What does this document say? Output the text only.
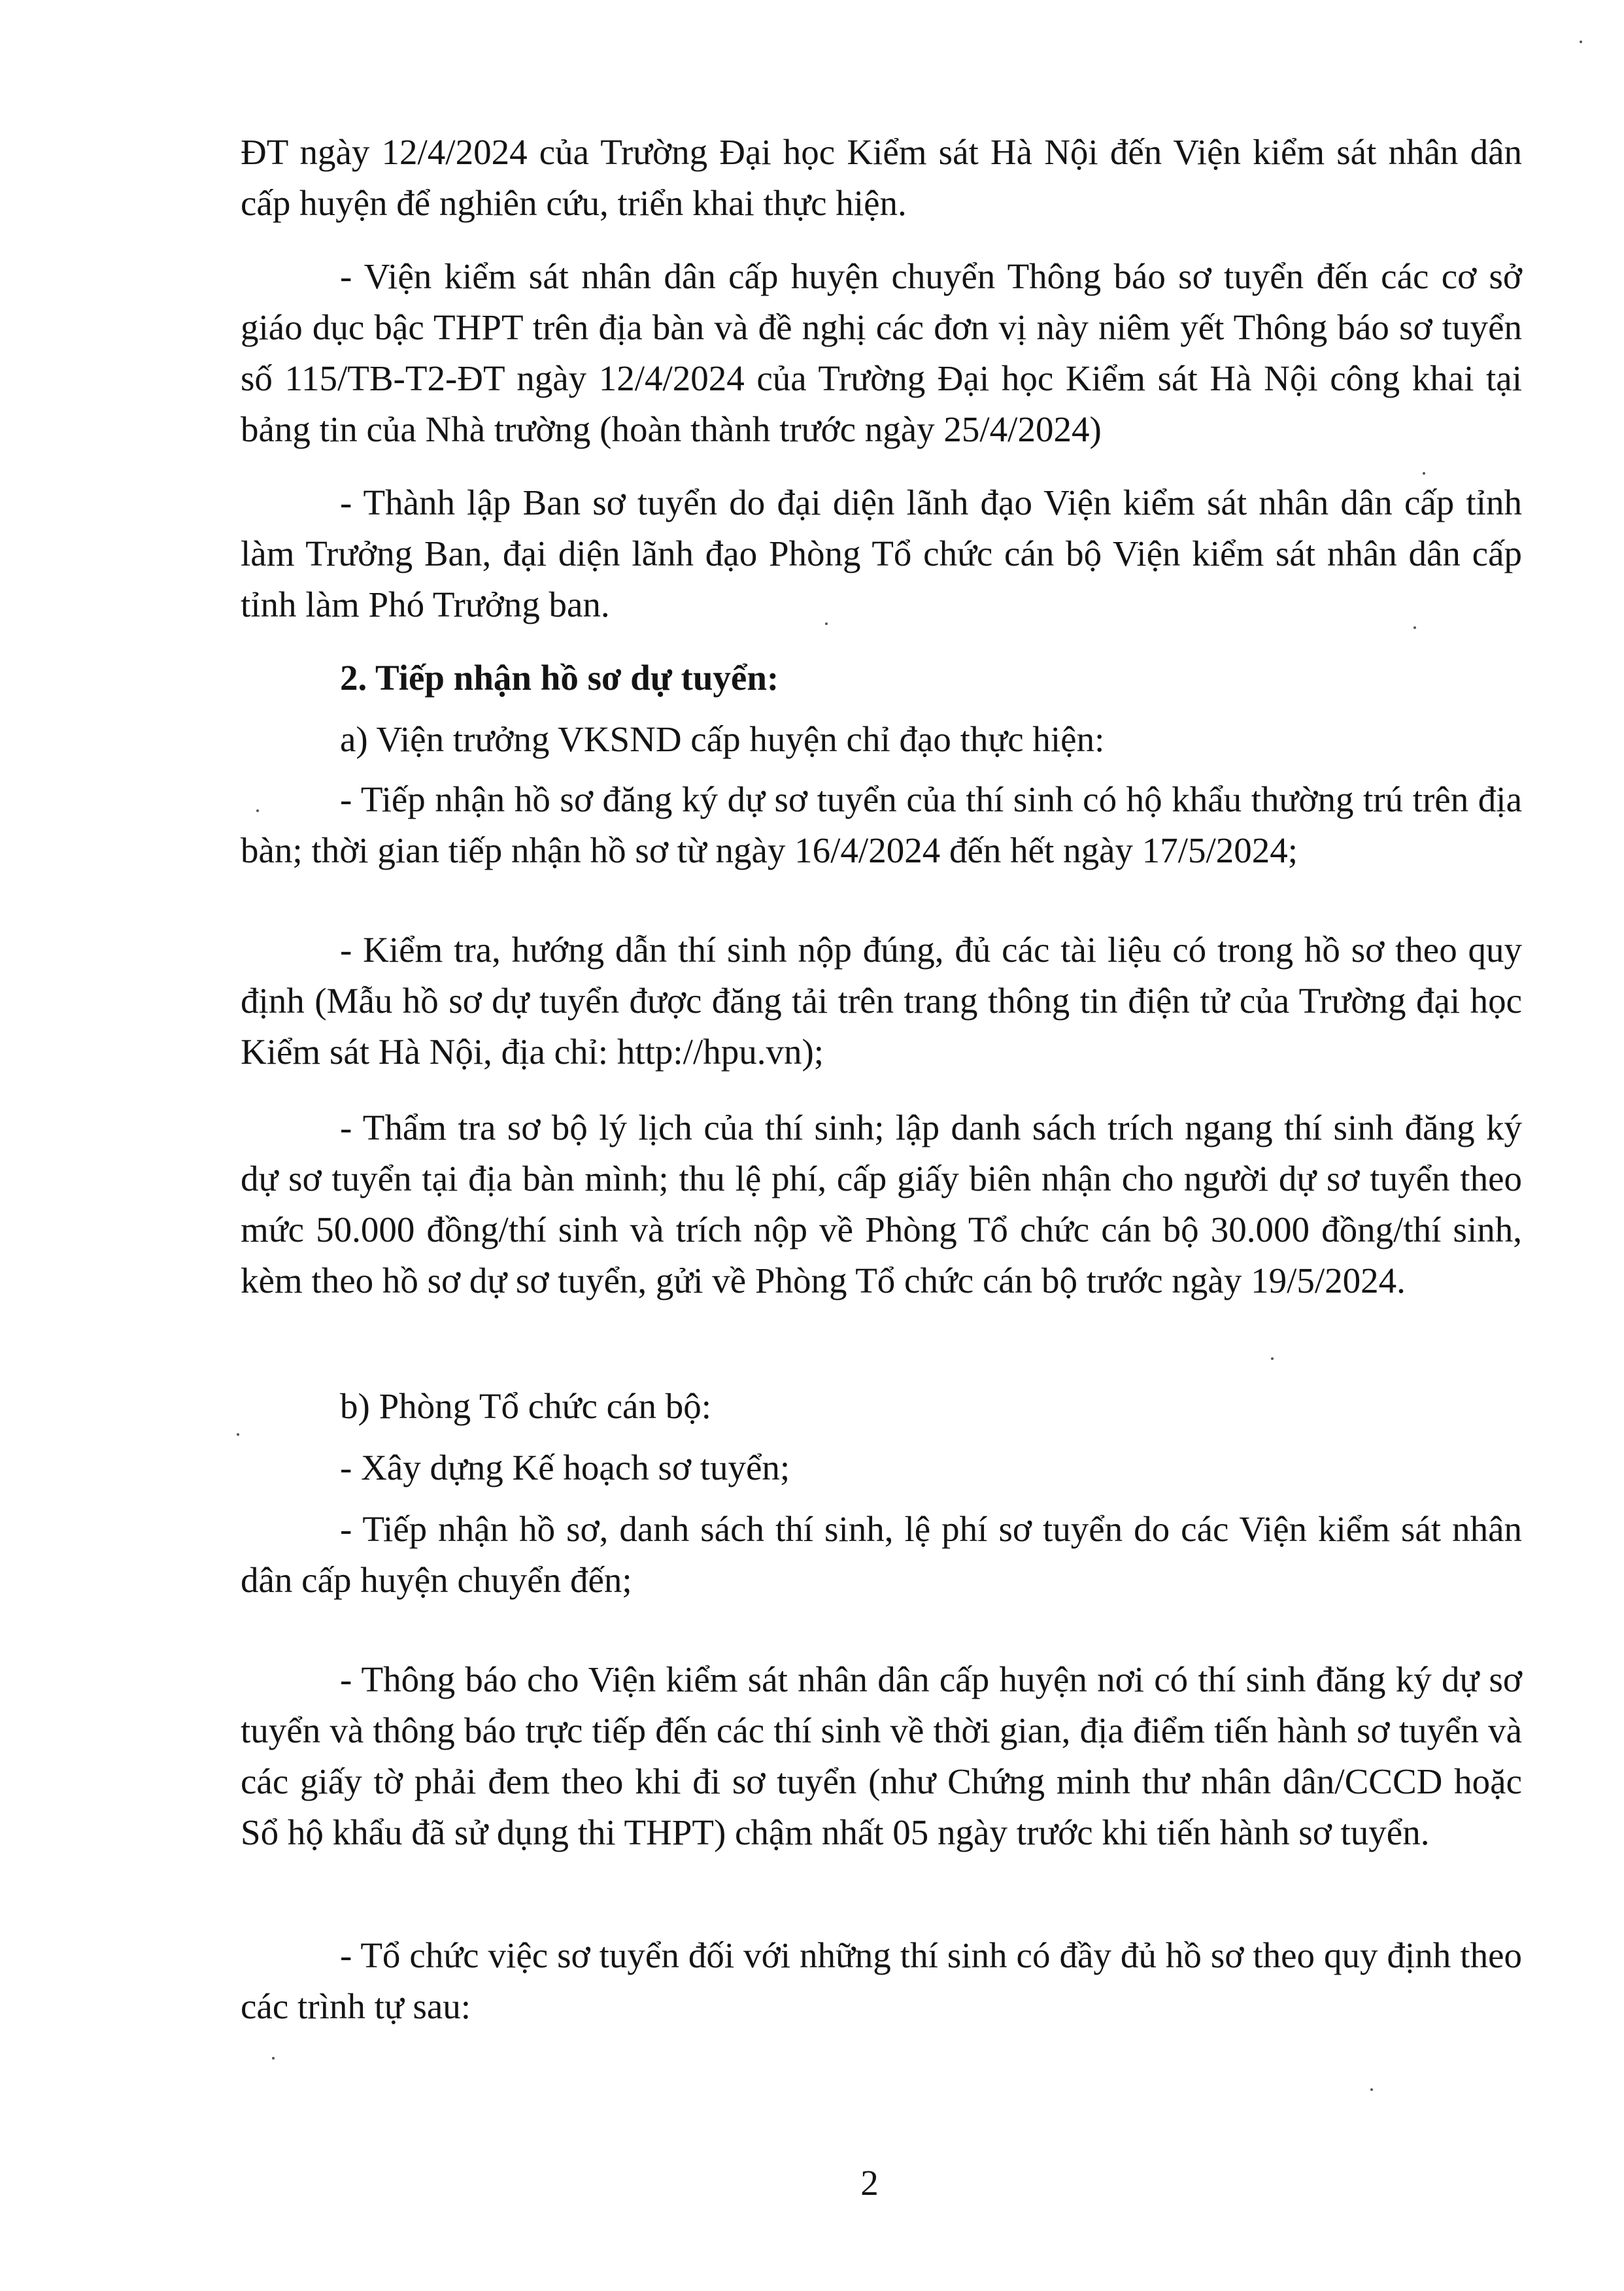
ĐT ngày 12/4/2024 của Trường Đại học Kiểm sát Hà Nội đến Viện kiểm sát nhân dân cấp huyện để nghiên cứu, triển khai thực hiện.

- Viện kiểm sát nhân dân cấp huyện chuyển Thông báo sơ tuyển đến các cơ sở giáo dục bậc THPT trên địa bàn và đề nghị các đơn vị này niêm yết Thông báo sơ tuyển số 115/TB-T2-ĐT ngày 12/4/2024 của Trường Đại học Kiểm sát Hà Nội công khai tại bảng tin của Nhà trường (hoàn thành trước ngày 25/4/2024)

- Thành lập Ban sơ tuyển do đại diện lãnh đạo Viện kiểm sát nhân dân cấp tỉnh làm Trưởng Ban, đại diện lãnh đạo Phòng Tổ chức cán bộ Viện kiểm sát nhân dân cấp tỉnh làm Phó Trưởng ban.

2. Tiếp nhận hồ sơ dự tuyển:

a) Viện trưởng VKSND cấp huyện chỉ đạo thực hiện:

- Tiếp nhận hồ sơ đăng ký dự sơ tuyển của thí sinh có hộ khẩu thường trú trên địa bàn; thời gian tiếp nhận hồ sơ từ ngày 16/4/2024 đến hết ngày 17/5/2024;

- Kiểm tra, hướng dẫn thí sinh nộp đúng, đủ các tài liệu có trong hồ sơ theo quy định (Mẫu hồ sơ dự tuyển được đăng tải trên trang thông tin điện tử của Trường đại học Kiểm sát Hà Nội, địa chỉ: http://hpu.vn);

- Thẩm tra sơ bộ lý lịch của thí sinh; lập danh sách trích ngang thí sinh đăng ký dự sơ tuyển tại địa bàn mình; thu lệ phí, cấp giấy biên nhận cho người dự sơ tuyển theo mức 50.000 đồng/thí sinh và trích nộp về Phòng Tổ chức cán bộ 30.000 đồng/thí sinh, kèm theo hồ sơ dự sơ tuyển, gửi về Phòng Tổ chức cán bộ trước ngày 19/5/2024.

b) Phòng Tổ chức cán bộ:

- Xây dựng Kế hoạch sơ tuyển;

- Tiếp nhận hồ sơ, danh sách thí sinh, lệ phí sơ tuyển do các Viện kiểm sát nhân dân cấp huyện chuyển đến;

- Thông báo cho Viện kiểm sát nhân dân cấp huyện nơi có thí sinh đăng ký dự sơ tuyển và thông báo trực tiếp đến các thí sinh về thời gian, địa điểm tiến hành sơ tuyển và các giấy tờ phải đem theo khi đi sơ tuyển (như Chứng minh thư nhân dân/CCCD hoặc Sổ hộ khẩu đã sử dụng thi THPT) chậm nhất 05 ngày trước khi tiến hành sơ tuyển.

- Tổ chức việc sơ tuyển đối với những thí sinh có đầy đủ hồ sơ theo quy định theo các trình tự sau:

2
